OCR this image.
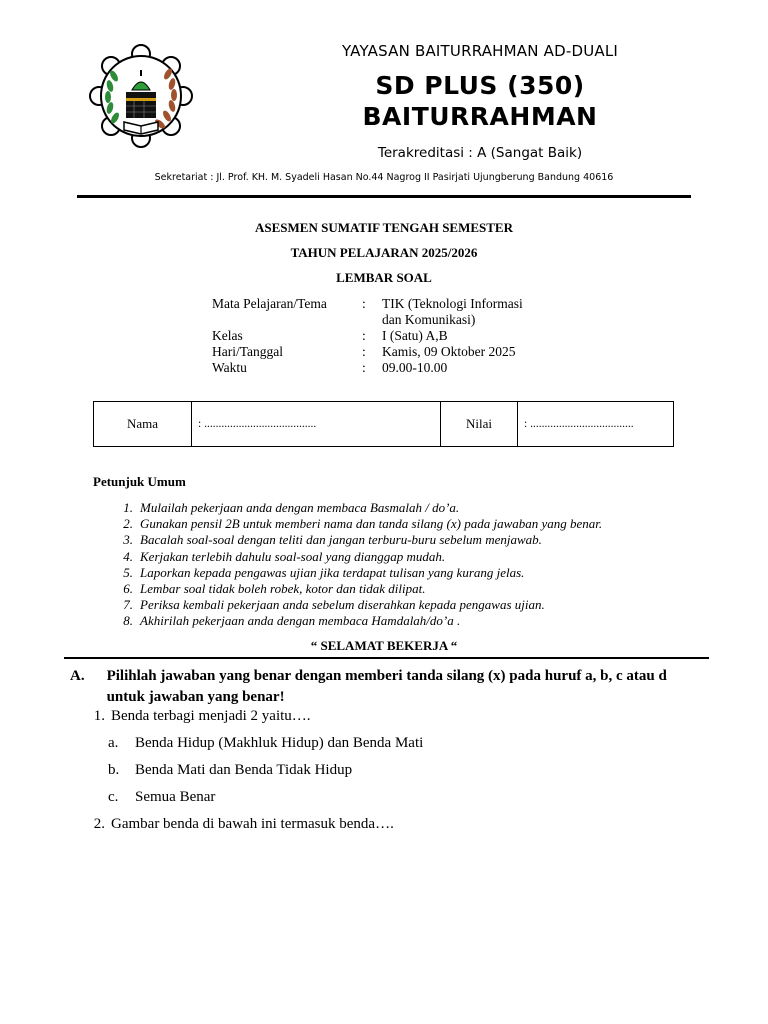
YAYASAN BAITURRAHMAN AD-DUALI
SD PLUS (350)
BAITURRAHMAN
Terakreditasi : A (Sangat Baik)
Sekretariat : Jl. Prof. KH. M. Syadeli Hasan No.44 Nagrog II Pasirjati Ujungberung Bandung 40616
ASESMEN SUMATIF TENGAH SEMESTER
TAHUN PELAJARAN 2025/2026
LEMBAR SOAL
Mata Pelajaran/Tema	:	TIK (Teknologi Informasi dan Komunikasi)
Kelas	:	I (Satu) A,B
Hari/Tanggal	:	Kamis, 09 Oktober 2025
Waktu	:	09.00-10.00
Nama	: .......................................	Nilai	: ....................................
Petunjuk Umum
1. Mulailah pekerjaan anda dengan membaca Basmalah / do’a.
2. Gunakan pensil 2B untuk memberi nama dan tanda silang (x) pada jawaban yang benar.
3. Bacalah soal-soal dengan teliti dan jangan terburu-buru sebelum menjawab.
4. Kerjakan terlebih dahulu soal-soal yang dianggap mudah.
5. Laporkan kepada pengawas ujian jika terdapat tulisan yang kurang jelas.
6. Lembar soal tidak boleh robek, kotor dan tidak dilipat.
7. Periksa kembali pekerjaan anda sebelum diserahkan kepada pengawas ujian.
8. Akhirilah pekerjaan anda dengan membaca Hamdalah/do’a .
“ SELAMAT BEKERJA “
A.	Pilihlah jawaban yang benar dengan memberi tanda silang (x) pada huruf a, b, c atau d untuk jawaban yang benar!
1. Benda terbagi menjadi 2 yaitu….
a.	Benda Hidup (Makhluk Hidup) dan Benda Mati
b.	Benda Mati dan Benda Tidak Hidup
c.	Semua Benar
2. Gambar benda di bawah ini termasuk benda….
